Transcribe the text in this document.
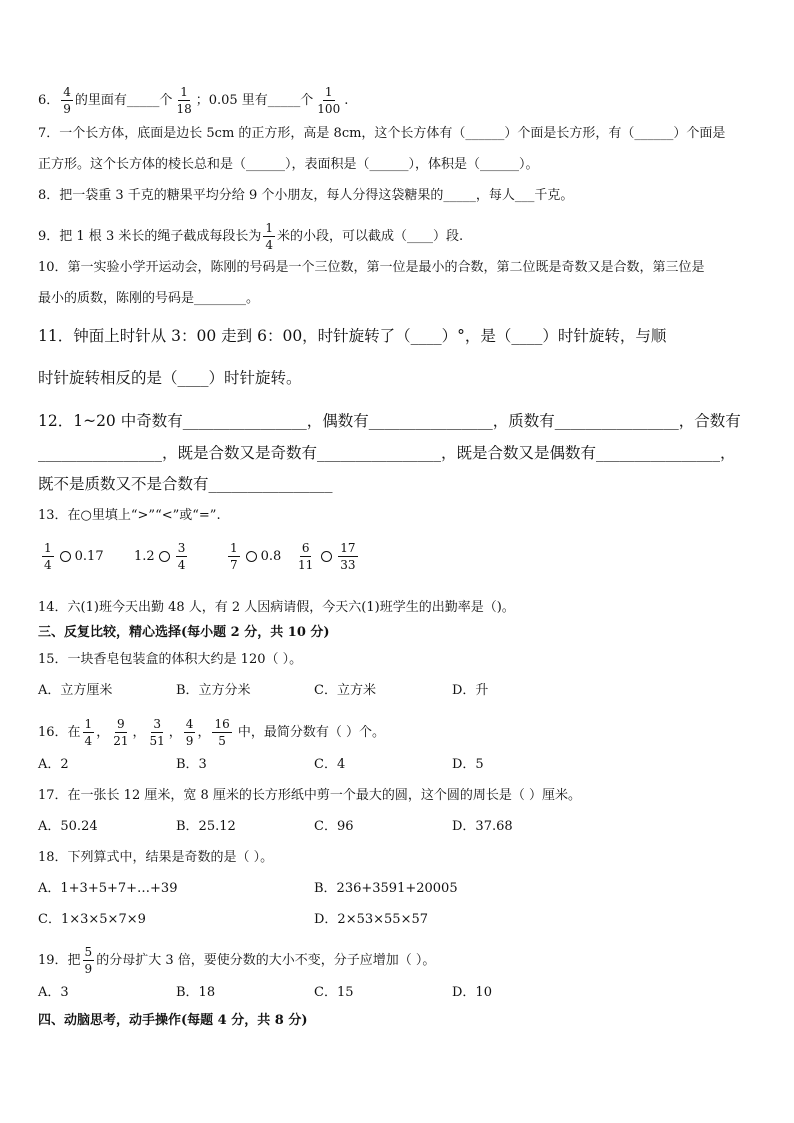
6． $\frac{4}{9}$ 的里面有_____个 $\frac{1}{18}$ ；0.05 里有_____个 $\frac{1}{100}$ .
7．一个长方体，底面是边长 5cm 的正方形，高是 8cm，这个长方体有（______）个面是长方形，有（______）个面是
正方形。这个长方体的棱长总和是（______），表面积是（______），体积是（______）。
8．把一袋重 3 千克的糖果平均分给 9 个小朋友，每人分得这袋糖果的_____，每人___千克。
9．把 1 根 3 米长的绳子截成每段长为 $\frac{1}{4}$ 米的小段，可以截成（____）段.
10．第一实验小学开运动会，陈刚的号码是一个三位数，第一位是最小的合数，第二位既是奇数又是合数，第三位是
最小的质数，陈刚的号码是________。
11．钟面上时针从 3：00 走到 6：00，时针旋转了（____）°，是（____）时针旋转，与顺
时针旋转相反的是（____）时针旋转。
12．1~20 中奇数有________________，偶数有________________，质数有________________，合数有
________________，既是合数又是奇数有________________，既是合数又是偶数有________________，
既不是质数又不是合数有________________
13．在○里填上“>”“<”或“=”.
$\frac{1}{4} 0.17$ $1.2 \frac{3}{4}$	$\frac{1}{7} 0.8 \frac{6}{11} \frac{17}{33}$
14．六(1)班今天出勤 48 人，有 2 人因病请假，今天六(1)班学生的出勤率是（)。
三、反复比较，精心选择(每小题 2 分，共 10 分)
15．一块香皂包装盒的体积大约是 120（ ）。
A．立方厘米	B．立方分米	C．立方米	D．升
16．在 $\frac{1}{4}$ ， $\frac{9}{21}$ ， $\frac{3}{51}$ ， $\frac{4}{9}$ ， $\frac{16}{5}$ 中，最简分数有（ ）个。
A．2	B．3	C．4	D．5
17．在一张长 12 厘米，宽 8 厘米的长方形纸中剪一个最大的圆，这个圆的周长是（ ）厘米。
A．50.24	B．25.12	C．96	D．37.68
18．下列算式中，结果是奇数的是（ ）。
A．1+3+5+7+…+39	B．236+3591+20005
C．1×3×5×7×9	D．2×53×55×57
19．把 $\frac{5}{9}$ 的分母扩大 3 倍，要使分数的大小不变，分子应增加（ ）。
A．3	B．18	C．15	D．10
四、动脑思考，动手操作(每题 4 分，共 8 分)
